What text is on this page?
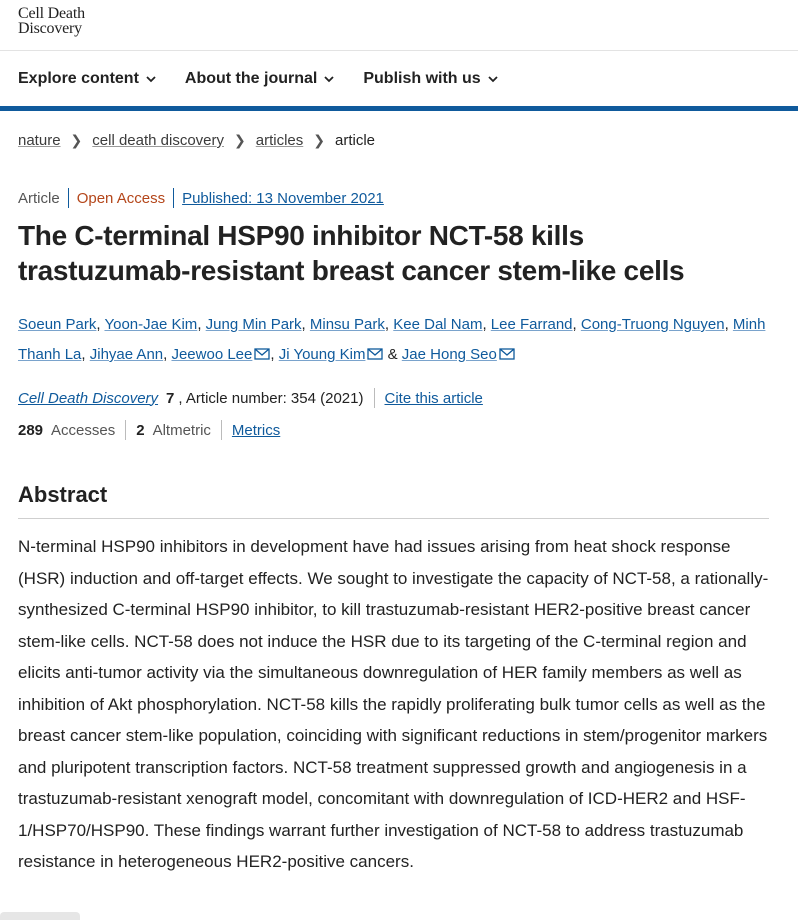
Cell Death
Discovery
Explore content	About the journal	Publish with us
nature ❯ cell death discovery ❯ articles ❯ article
Article Open Access Published: 13 November 2021
The C-terminal HSP90 inhibitor NCT-58 kills trastuzumab-resistant breast cancer stem-like cells
Soeun Park, Yoon-Jae Kim, Jung Min Park, Minsu Park, Kee Dal Nam, Lee Farrand, Cong-Truong Nguyen, Minh Thanh La, Jihyae Ann, Jeewoo Lee , Ji Young Kim & Jae Hong Seo
Cell Death Discovery 7 , Article number: 354 (2021) Cite this article
289 Accesses 2 Altmetric Metrics
Abstract

N-terminal HSP90 inhibitors in development have had issues arising from heat shock response (HSR) induction and off-target effects. We sought to investigate the capacity of NCT-58, a rationally-synthesized C-terminal HSP90 inhibitor, to kill trastuzumab-resistant HER2-positive breast cancer stem-like cells. NCT-58 does not induce the HSR due to its targeting of the C-terminal region and elicits anti-tumor activity via the simultaneous downregulation of HER family members as well as inhibition of Akt phosphorylation. NCT-58 kills the rapidly proliferating bulk tumor cells as well as the breast cancer stem-like population, coinciding with significant reductions in stem/progenitor markers and pluripotent transcription factors. NCT-58 treatment suppressed growth and angiogenesis in a trastuzumab-resistant xenograft model, concomitant with downregulation of ICD-HER2 and HSF-1/HSP70/HSP90. These findings warrant further investigation of NCT-58 to address trastuzumab resistance in heterogeneous HER2-positive cancers.
